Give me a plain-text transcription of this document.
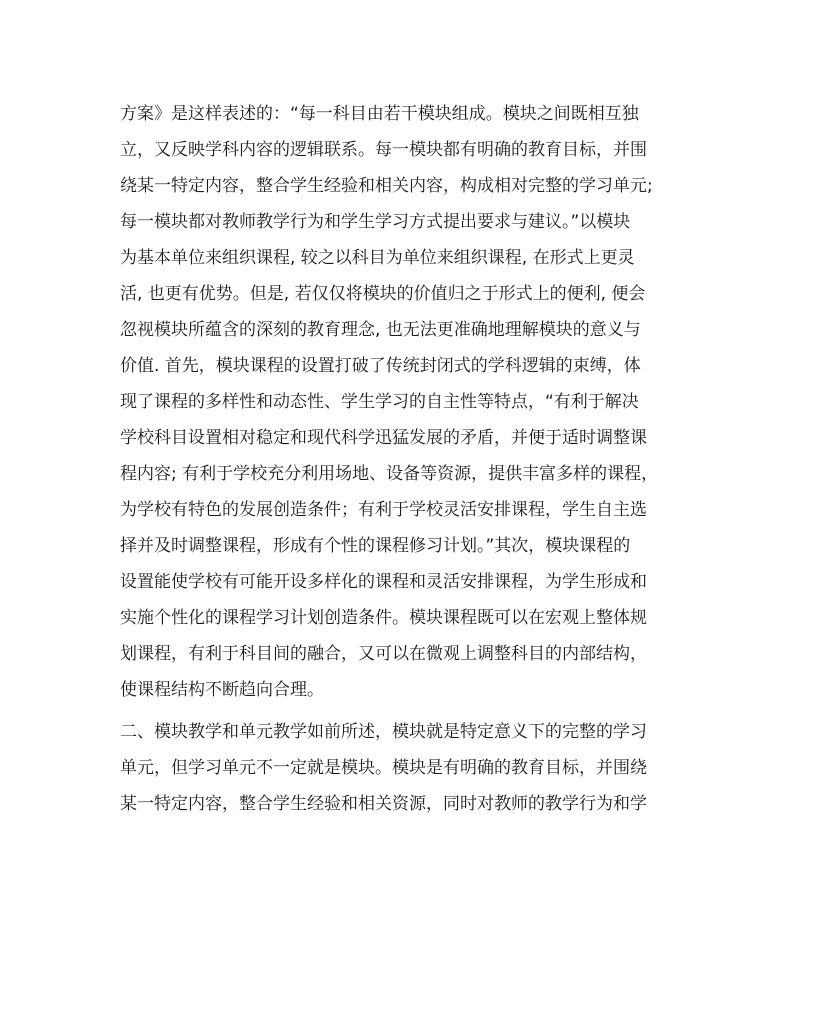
方案》是这样表述的：“每一科目由若干模块组成。模块之间既相互独
立，又反映学科内容的逻辑联系。每一模块都有明确的教育目标，并围
绕某一特定内容，整合学生经验和相关内容，构成相对完整的学习单元;
每一模块都对教师教学行为和学生学习方式提出要求与建议。”以模块
为基本单位来组织课程, 较之以科目为单位来组织课程, 在形式上更灵
活, 也更有优势。但是, 若仅仅将模块的价值归之于形式上的便利, 便会
忽视模块所蕴含的深刻的教育理念, 也无法更准确地理解模块的意义与
价值. 首先，模块课程的设置打破了传统封闭式的学科逻辑的束缚，体
现了课程的多样性和动态性、学生学习的自主性等特点，“有利于解决
学校科目设置相对稳定和现代科学迅猛发展的矛盾，并便于适时调整课
程内容; 有利于学校充分利用场地、设备等资源，提供丰富多样的课程，
为学校有特色的发展创造条件；有利于学校灵活安排课程，学生自主选
择并及时调整课程，形成有个性的课程修习计划。”其次，模块课程的
设置能使学校有可能开设多样化的课程和灵活安排课程，为学生形成和
实施个性化的课程学习计划创造条件。模块课程既可以在宏观上整体规
划课程，有利于科目间的融合，又可以在微观上调整科目的内部结构，
使课程结构不断趋向合理。
二、模块教学和单元教学如前所述，模块就是特定意义下的完整的学习
单元，但学习单元不一定就是模块。模块是有明确的教育目标，并围绕
某一特定内容，整合学生经验和相关资源，同时对教师的教学行为和学
